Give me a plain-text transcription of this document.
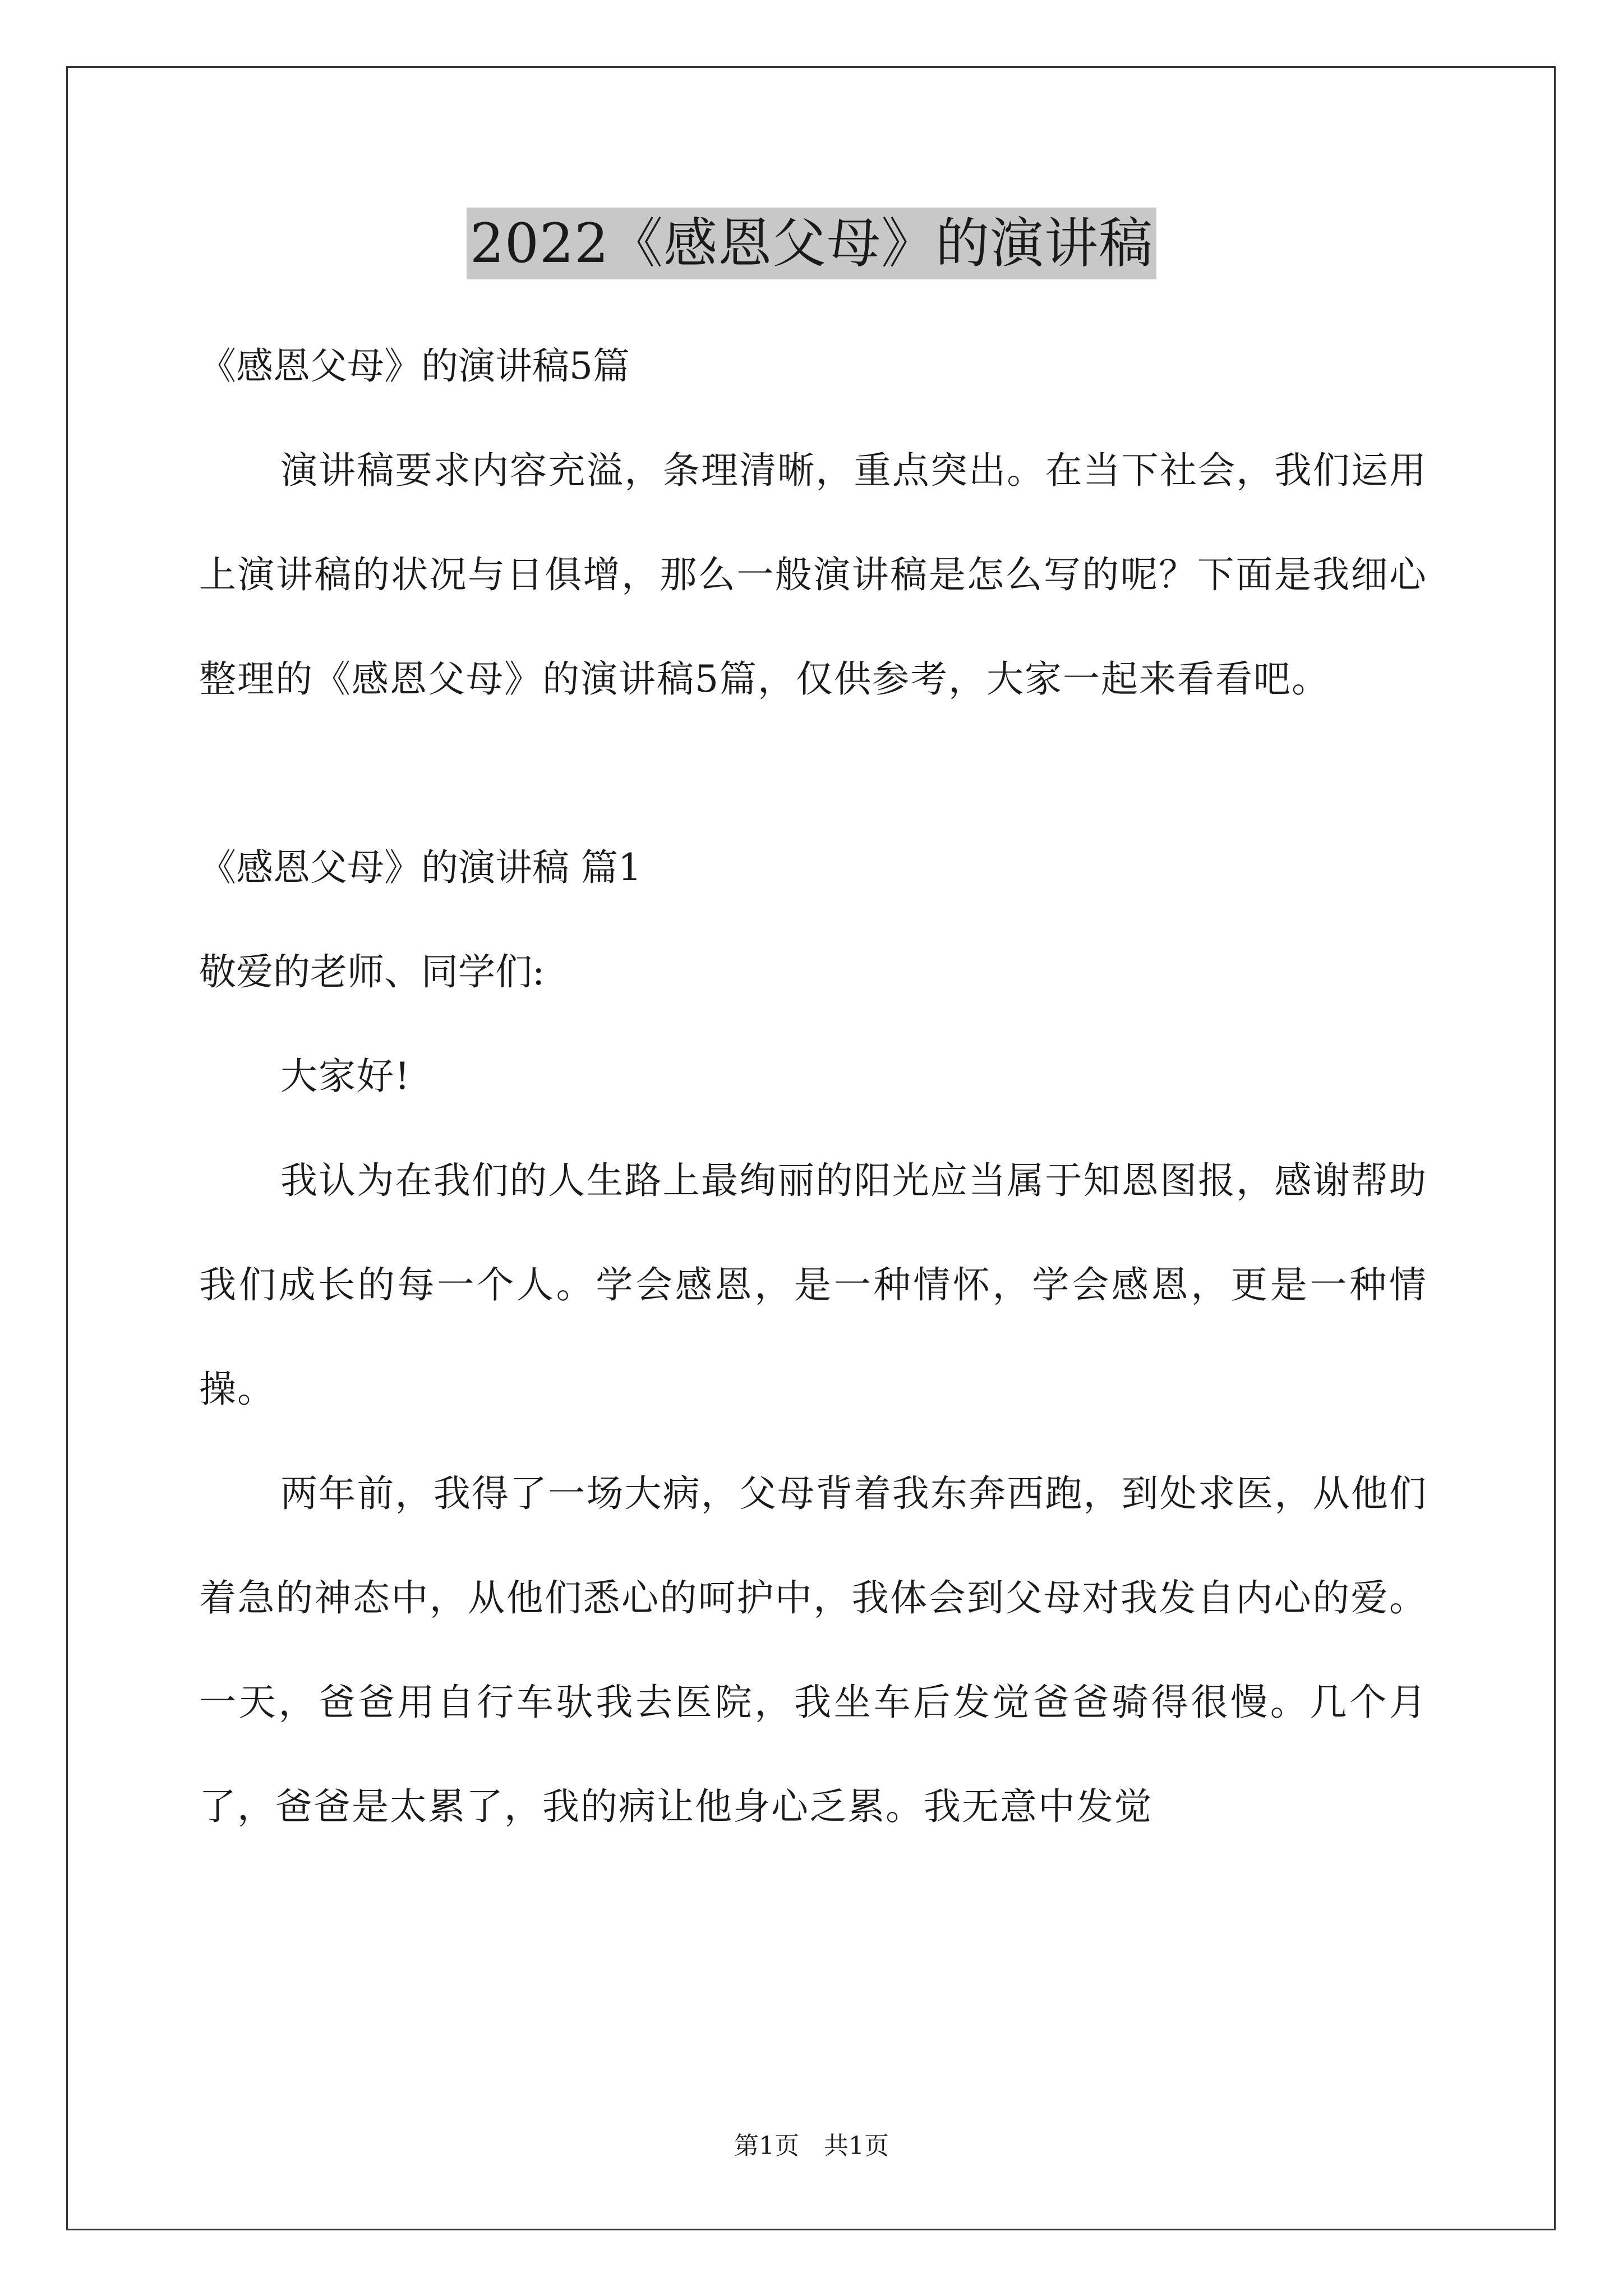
2022《感恩父母》的演讲稿

《感恩父母》的演讲稿5篇

演讲稿要求内容充溢，条理清晰，重点突出。在当下社会，我们运用上演讲稿的状况与日俱增，那么一般演讲稿是怎么写的呢？下面是我细心整理的《感恩父母》的演讲稿5篇，仅供参考，大家一起来看看吧。

《感恩父母》的演讲稿 篇1

敬爱的老师、同学们:

大家好!

我认为在我们的人生路上最绚丽的阳光应当属于知恩图报，感谢帮助我们成长的每一个人。学会感恩，是一种情怀，学会感恩，更是一种情操。

两年前，我得了一场大病，父母背着我东奔西跑，到处求医，从他们着急的神态中，从他们悉心的呵护中，我体会到父母对我发自内心的爱。一天，爸爸用自行车驮我去医院，我坐车后发觉爸爸骑得很慢。几个月了，爸爸是太累了，我的病让他身心乏累。我无意中发觉

第1页　共1页
